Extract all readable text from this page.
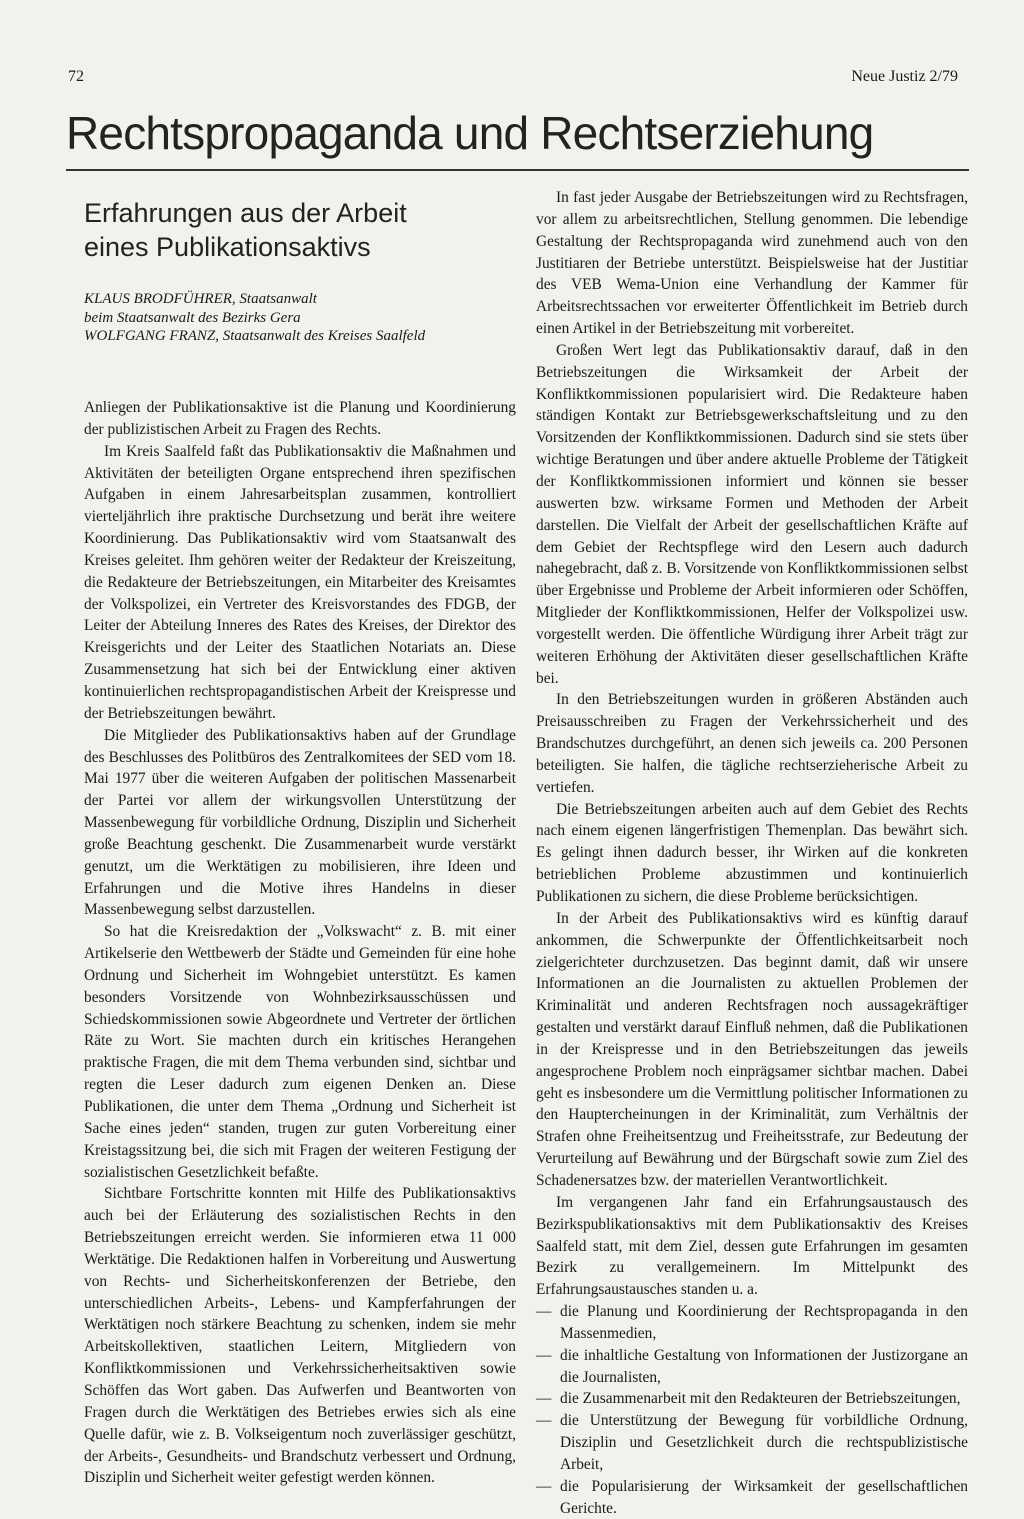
72	Neue Justiz 2/79
Rechtspropaganda und Rechtserziehung
Erfahrungen aus der Arbeit
eines Publikationsaktivs
KLAUS BRODFÜHRER, Staatsanwalt
beim Staatsanwalt des Bezirks Gera
WOLFGANG FRANZ, Staatsanwalt des Kreises Saalfeld

Anliegen der Publikationsaktive ist die Planung und Koordinierung der publizistischen Arbeit zu Fragen des Rechts.

Im Kreis Saalfeld faßt das Publikationsaktiv die Maßnahmen und Aktivitäten der beteiligten Organe entsprechend ihren spezifischen Aufgaben in einem Jahresarbeitsplan zusammen, kontrolliert vierteljährlich ihre praktische Durchsetzung und berät ihre weitere Koordinierung. Das Publikationsaktiv wird vom Staatsanwalt des Kreises geleitet. Ihm gehören weiter der Redakteur der Kreiszeitung, die Redakteure der Betriebszeitungen, ein Mitarbeiter des Kreisamtes der Volkspolizei, ein Vertreter des Kreisvorstandes des FDGB, der Leiter der Abteilung Inneres des Rates des Kreises, der Direktor des Kreisgerichts und der Leiter des Staatlichen Notariats an. Diese Zusammensetzung hat sich bei der Entwicklung einer aktiven kontinuierlichen rechtspropagandistischen Arbeit der Kreispresse und der Betriebszeitungen bewährt.

Die Mitglieder des Publikationsaktivs haben auf der Grundlage des Beschlusses des Politbüros des Zentralkomitees der SED vom 18. Mai 1977 über die weiteren Aufgaben der politischen Massenarbeit der Partei vor allem der wirkungsvollen Unterstützung der Massenbewegung für vorbildliche Ordnung, Disziplin und Sicherheit große Beachtung geschenkt. Die Zusammenarbeit wurde verstärkt genutzt, um die Werktätigen zu mobilisieren, ihre Ideen und Erfahrungen und die Motive ihres Handelns in dieser Massenbewegung selbst darzustellen.

So hat die Kreisredaktion der „Volkswacht“ z. B. mit einer Artikelserie den Wettbewerb der Städte und Gemeinden für eine hohe Ordnung und Sicherheit im Wohngebiet unterstützt. Es kamen besonders Vorsitzende von Wohnbezirksausschüssen und Schiedskommissionen sowie Abgeordnete und Vertreter der örtlichen Räte zu Wort. Sie machten durch ein kritisches Herangehen praktische Fragen, die mit dem Thema verbunden sind, sichtbar und regten die Leser dadurch zum eigenen Denken an. Diese Publikationen, die unter dem Thema „Ordnung und Sicherheit ist Sache eines jeden“ standen, trugen zur guten Vorbereitung einer Kreistagssitzung bei, die sich mit Fragen der weiteren Festigung der sozialistischen Gesetzlichkeit befaßte.

Sichtbare Fortschritte konnten mit Hilfe des Publikationsaktivs auch bei der Erläuterung des sozialistischen Rechts in den Betriebszeitungen erreicht werden. Sie informieren etwa 11 000 Werktätige. Die Redaktionen halfen in Vorbereitung und Auswertung von Rechts- und Sicherheitskonferenzen der Betriebe, den unterschiedlichen Arbeits-, Lebens- und Kampferfahrungen der Werktätigen noch stärkere Beachtung zu schenken, indem sie mehr Arbeitskollektiven, staatlichen Leitern, Mitgliedern von Konfliktkommissionen und Verkehrssicherheitsaktiven sowie Schöffen das Wort gaben. Das Aufwerfen und Beantworten von Fragen durch die Werktätigen des Betriebes erwies sich als eine Quelle dafür, wie z. B. Volkseigentum noch zuverlässiger geschützt, der Arbeits-, Gesundheits- und Brandschutz verbessert und Ordnung, Disziplin und Sicherheit weiter gefestigt werden können.

In fast jeder Ausgabe der Betriebszeitungen wird zu Rechtsfragen, vor allem zu arbeitsrechtlichen, Stellung genommen. Die lebendige Gestaltung der Rechtspropaganda wird zunehmend auch von den Justitiaren der Betriebe unterstützt. Beispielsweise hat der Justitiar des VEB Wema-Union eine Verhandlung der Kammer für Arbeitsrechtssachen vor erweiterter Öffentlichkeit im Betrieb durch einen Artikel in der Betriebszeitung mit vorbereitet.

Großen Wert legt das Publikationsaktiv darauf, daß in den Betriebszeitungen die Wirksamkeit der Arbeit der Konfliktkommissionen popularisiert wird. Die Redakteure haben ständigen Kontakt zur Betriebsgewerkschaftsleitung und zu den Vorsitzenden der Konfliktkommissionen. Dadurch sind sie stets über wichtige Beratungen und über andere aktuelle Probleme der Tätigkeit der Konfliktkommissionen informiert und können sie besser auswerten bzw. wirksame Formen und Methoden der Arbeit darstellen. Die Vielfalt der Arbeit der gesellschaftlichen Kräfte auf dem Gebiet der Rechtspflege wird den Lesern auch dadurch nahegebracht, daß z. B. Vorsitzende von Konfliktkommissionen selbst über Ergebnisse und Probleme der Arbeit informieren oder Schöffen, Mitglieder der Konfliktkommissionen, Helfer der Volkspolizei usw. vorgestellt werden. Die öffentliche Würdigung ihrer Arbeit trägt zur weiteren Erhöhung der Aktivitäten dieser gesellschaftlichen Kräfte bei.

In den Betriebszeitungen wurden in größeren Abständen auch Preisausschreiben zu Fragen der Verkehrssicherheit und des Brandschutzes durchgeführt, an denen sich jeweils ca. 200 Personen beteiligten. Sie halfen, die tägliche rechtserzieherische Arbeit zu vertiefen.

Die Betriebszeitungen arbeiten auch auf dem Gebiet des Rechts nach einem eigenen längerfristigen Themenplan. Das bewährt sich. Es gelingt ihnen dadurch besser, ihr Wirken auf die konkreten betrieblichen Probleme abzustimmen und kontinuierlich Publikationen zu sichern, die diese Probleme berücksichtigen.

In der Arbeit des Publikationsaktivs wird es künftig darauf ankommen, die Schwerpunkte der Öffentlichkeitsarbeit noch zielgerichteter durchzusetzen. Das beginnt damit, daß wir unsere Informationen an die Journalisten zu aktuellen Problemen der Kriminalität und anderen Rechtsfragen noch aussagekräftiger gestalten und verstärkt darauf Einfluß nehmen, daß die Publikationen in der Kreispresse und in den Betriebszeitungen das jeweils angesprochene Problem noch einprägsamer sichtbar machen. Dabei geht es insbesondere um die Vermittlung politischer Informationen zu den Hauptercheinungen in der Kriminalität, zum Verhältnis der Strafen ohne Freiheitsentzug und Freiheitsstrafe, zur Bedeutung der Verurteilung auf Bewährung und der Bürgschaft sowie zum Ziel des Schadenersatzes bzw. der materiellen Verantwortlichkeit.

Im vergangenen Jahr fand ein Erfahrungsaustausch des Bezirkspublikationsaktivs mit dem Publikationsaktiv des Kreises Saalfeld statt, mit dem Ziel, dessen gute Erfahrungen im gesamten Bezirk zu verallgemeinern. Im Mittelpunkt des Erfahrungsaustausches standen u. a.

— die Planung und Koordinierung der Rechtspropaganda in den Massenmedien,
— die inhaltliche Gestaltung von Informationen der Justizorgane an die Journalisten,
— die Zusammenarbeit mit den Redakteuren der Betriebszeitungen,
— die Unterstützung der Bewegung für vorbildliche Ordnung, Disziplin und Gesetzlichkeit durch die rechtspublizistische Arbeit,
— die Popularisierung der Wirksamkeit der gesellschaftlichen Gerichte.
